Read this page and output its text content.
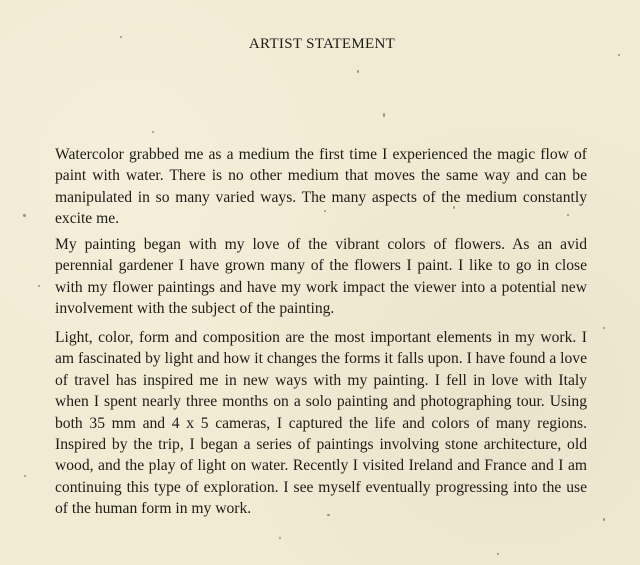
ARTIST STATEMENT

Watercolor grabbed me as a medium the first time I experienced the magic flow of paint with water. There is no other medium that moves the same way and can be manipulated in so many varied ways. The many aspects of the medium constantly excite me.

My painting began with my love of the vibrant colors of flowers. As an avid perennial gardener I have grown many of the flowers I paint. I like to go in close with my flower paintings and have my work impact the viewer into a potential new involvement with the subject of the painting.

Light, color, form and composition are the most important elements in my work. I am fascinated by light and how it changes the forms it falls upon. I have found a love of travel has inspired me in new ways with my painting. I fell in love with Italy when I spent nearly three months on a solo painting and photographing tour. Using both 35 mm and 4 x 5 cameras, I captured the life and colors of many regions. Inspired by the trip, I began a series of paintings involving stone architecture, old wood, and the play of light on water. Recently I visited Ireland and France and I am continuing this type of exploration. I see myself eventually progressing into the use of the human form in my work.
